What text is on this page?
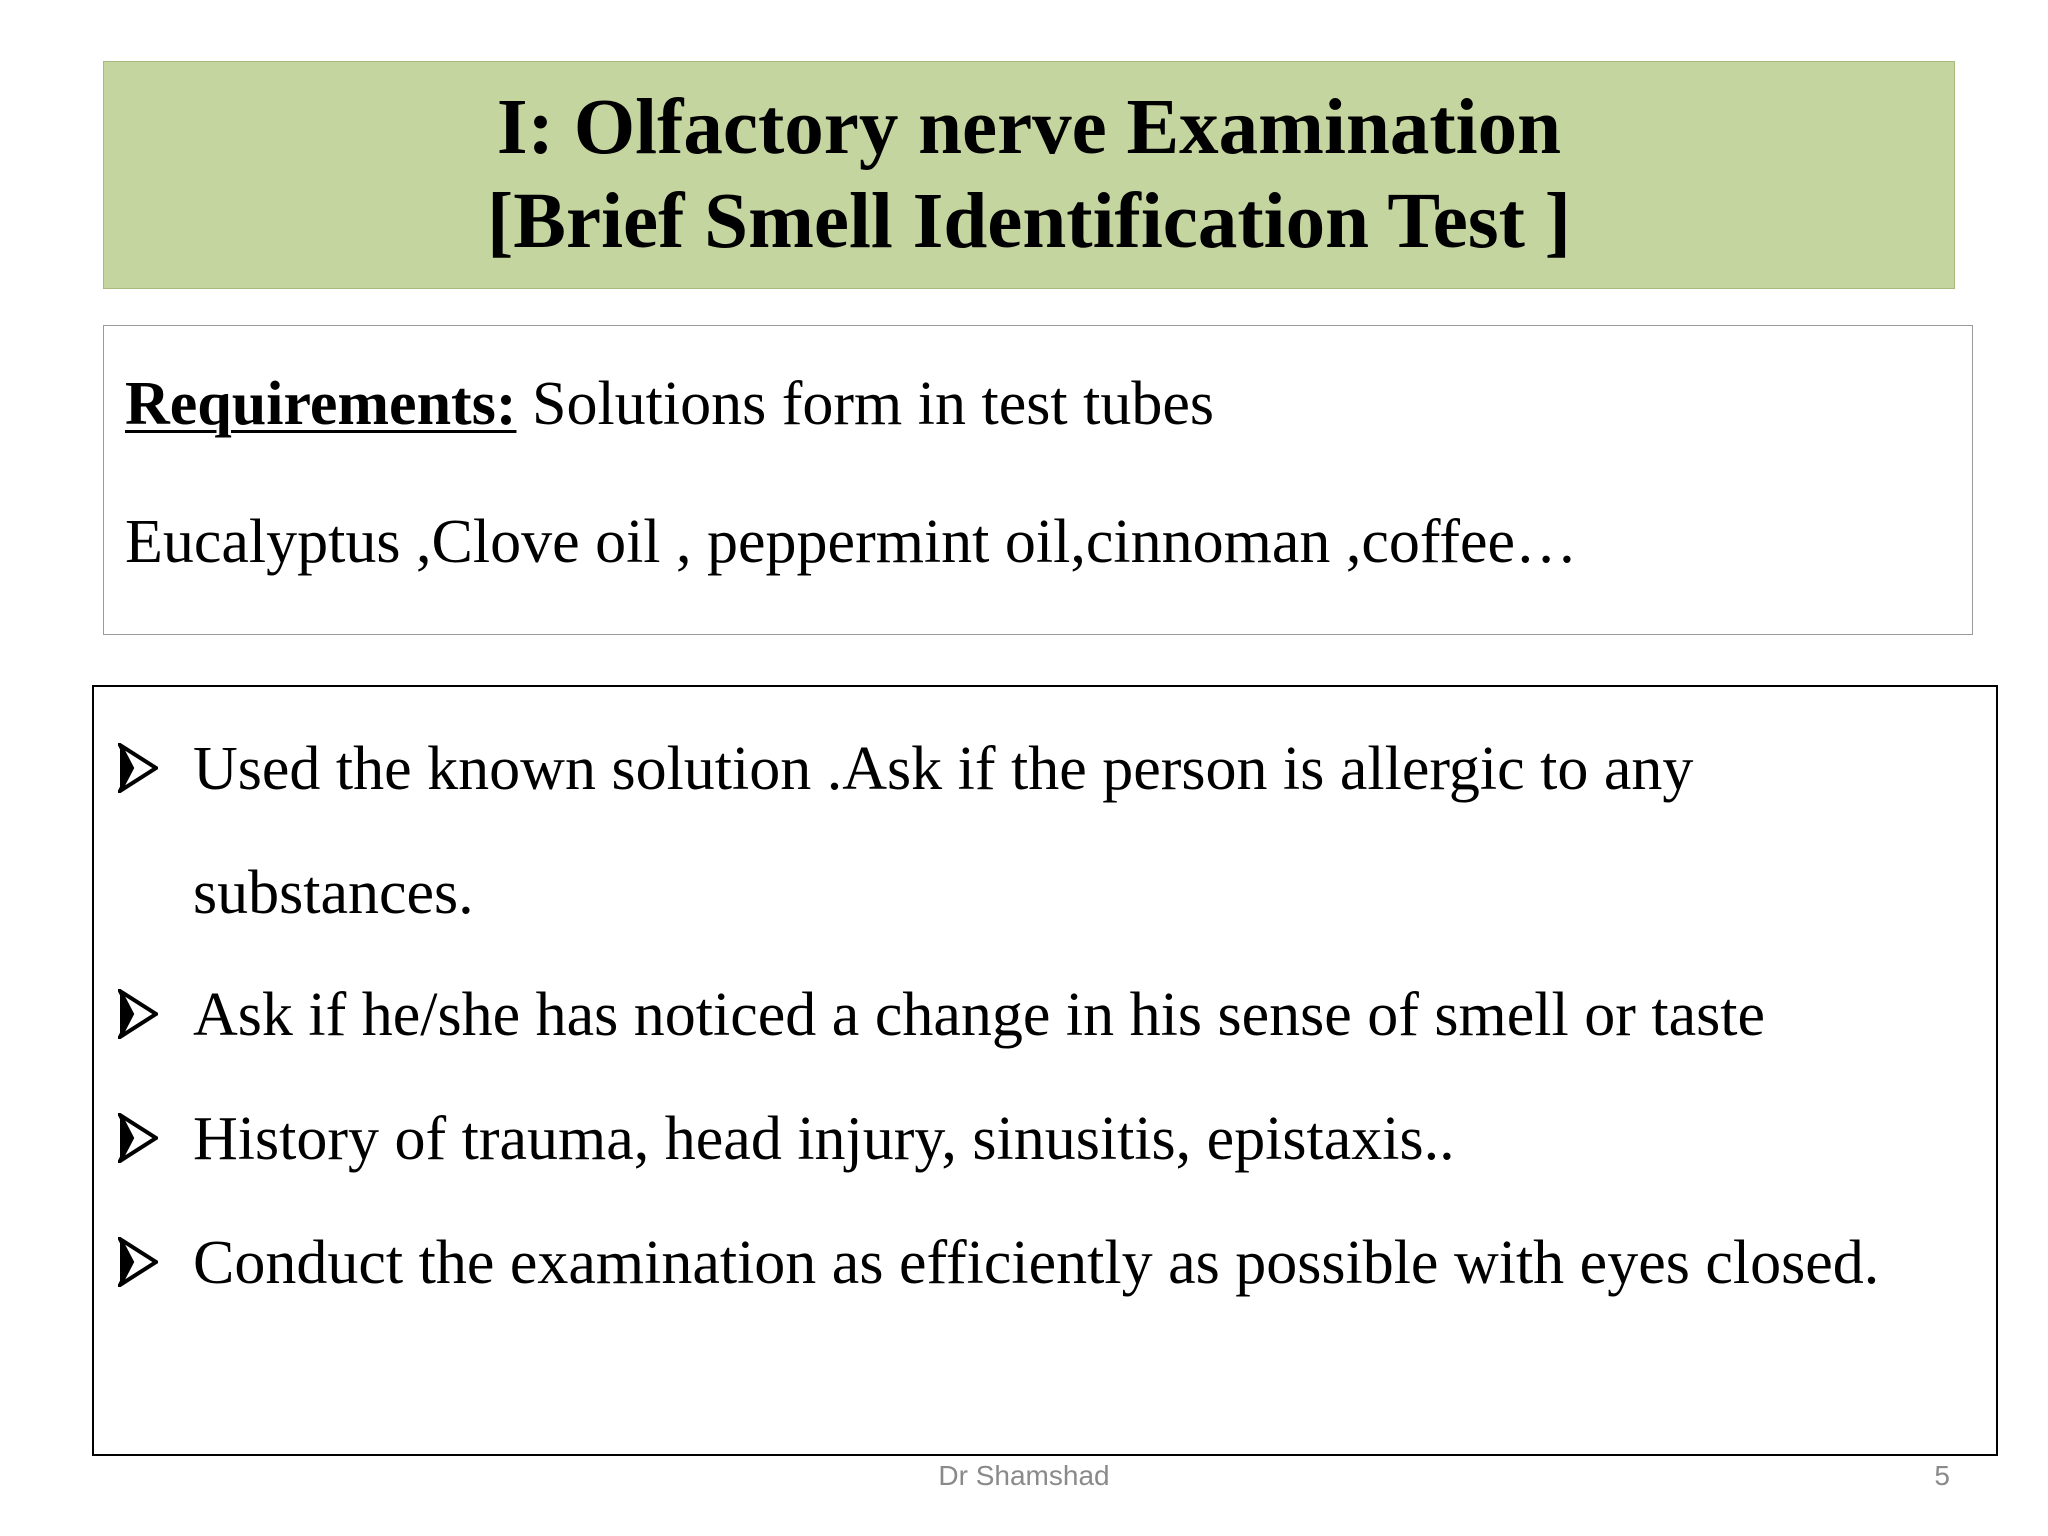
I: Olfactory nerve Examination
[Brief Smell Identification Test ]
Requirements: Solutions form in test tubes
Eucalyptus ,Clove oil , peppermint oil,cinnoman ,coffee…
Used the known solution .Ask if the person is allergic to any substances.
Ask if he/she has noticed a change in his sense of smell or taste
History of trauma, head injury, sinusitis, epistaxis..
Conduct the examination as efficiently as possible with eyes closed.
Dr Shamshad	5
